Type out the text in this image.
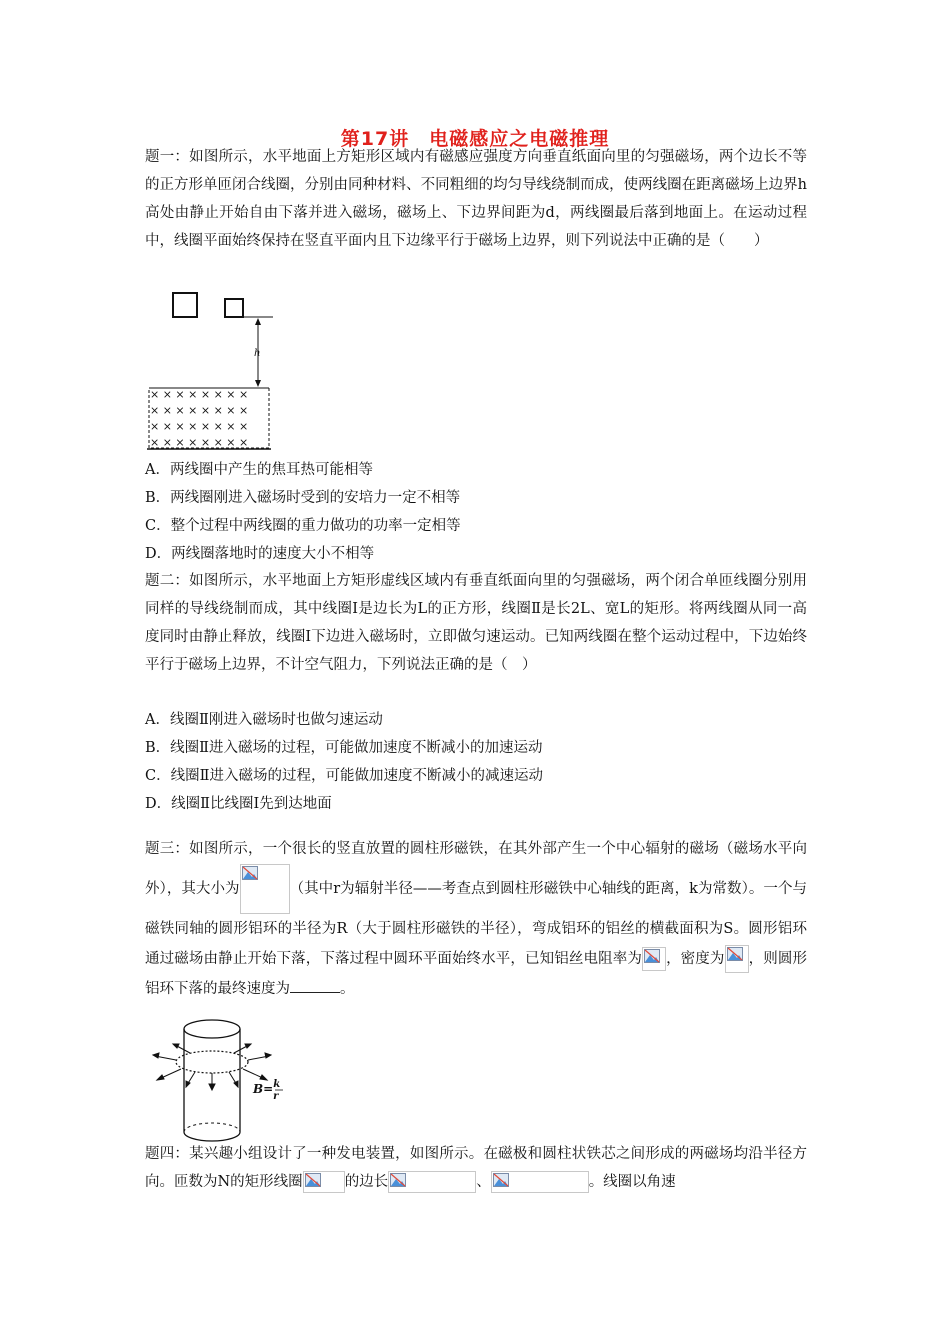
第17讲　电磁感应之电磁推理
题一：如图所示，水平地面上方矩形区域内有磁感应强度方向垂直纸面向里的匀强磁场，两个边长不等的正方形单匝闭合线圈，分别由同种材料、不同粗细的均匀导线绕制而成，使两线圈在距离磁场上边界h高处由静止开始自由下落并进入磁场，磁场上、下边界间距为d，两线圈最后落到地面上。在运动过程中，线圈平面始终保持在竖直平面内且下边缘平行于磁场上边界，则下列说法中正确的是（　　）
h
× × × × × × × ×
× × × × × × × ×
× × × × × × × ×
× × × × × × × ×
A．两线圈中产生的焦耳热可能相等
B．两线圈刚进入磁场时受到的安培力一定不相等
C．整个过程中两线圈的重力做功的功率一定相等
D．两线圈落地时的速度大小不相等
题二：如图所示，水平地面上方矩形虚线区域内有垂直纸面向里的匀强磁场，两个闭合单匝线圈分别用同样的导线绕制而成，其中线圈Ⅰ是边长为L的正方形，线圈Ⅱ是长2L、宽L的矩形。将两线圈从同一高度同时由静止释放，线圈Ⅰ下边进入磁场时，立即做匀速运动。已知两线圈在整个运动过程中，下边始终平行于磁场上边界，不计空气阻力，下列说法正确的是（　）
A．线圈Ⅱ刚进入磁场时也做匀速运动
B．线圈Ⅱ进入磁场的过程，可能做加速度不断减小的加速运动
C．线圈Ⅱ进入磁场的过程，可能做加速度不断减小的减速运动
D．线圈Ⅱ比线圈Ⅰ先到达地面
题三：如图所示，一个很长的竖直放置的圆柱形磁铁，在其外部产生一个中心辐射的磁场（磁场水平向外），其大小为	（其中r为辐射半径——考查点到圆柱形磁铁中心轴线的距离，k为常数）。一个与磁铁同轴的圆形铝环的半径为R（大于圆柱形磁铁的半径），弯成铝环的铝丝的横截面积为S。圆形铝环通过磁场由静止开始下落，下落过程中圆环平面始终水平，已知铝丝电阻率为 ，密度为 ，则圆形铝环下落的最终速度为	。
B=$^k$ r
题四：某兴趣小组设计了一种发电装置，如图所示。在磁极和圆柱状铁芯之间形成的两磁场均沿半径方向。匝数为N的矩形线圈	的边长	、	。线圈以角速
